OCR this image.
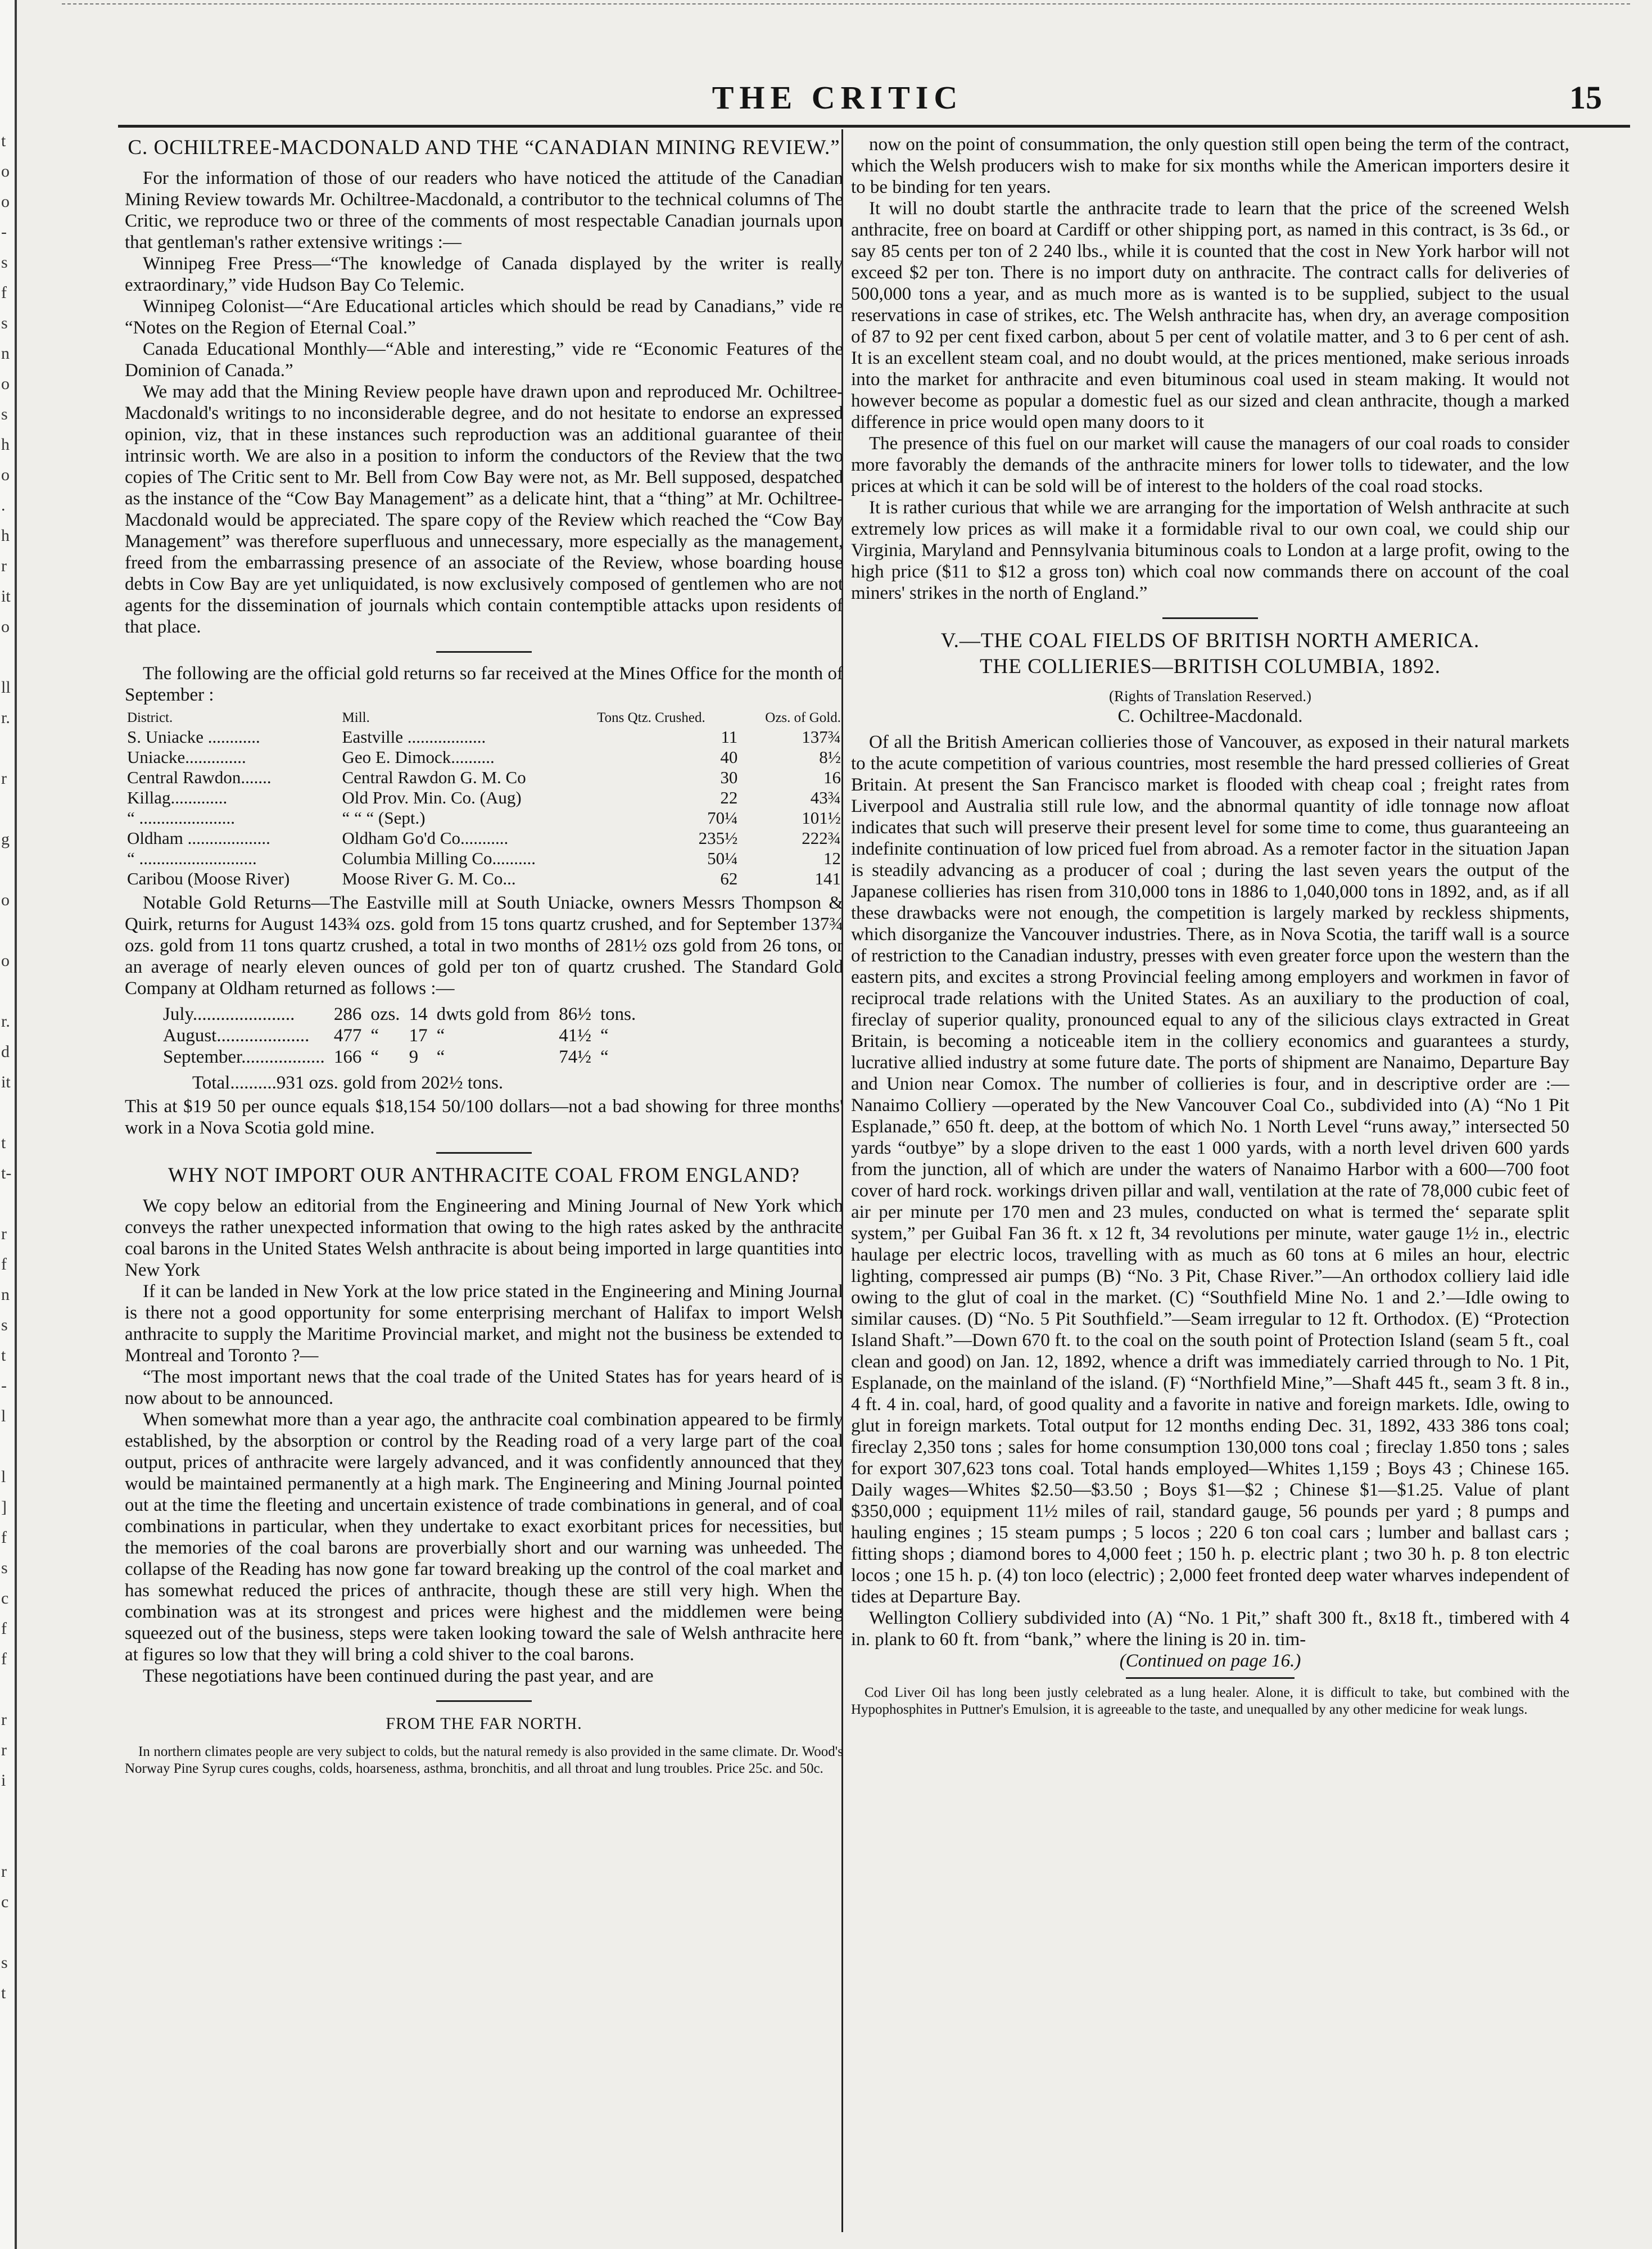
t
o
o
-
s
f
s
n
o
s
h
o
.
h
r
it
o
ll
r.
r
g
o
o
r.
d
it
t
t-
r
f
n
s
t
-
l
l
]
f
s
c
f
f
r
r
i
r
c
s
t
THE CRITIC	15

C. OCHILTREE-MACDONALD AND THE “CANADIAN MINING REVIEW.”

For the information of those of our readers who have noticed the attitude of the Canadian Mining Review towards Mr. Ochiltree-Macdonald, a contributor to the technical columns of The Critic, we reproduce two or three of the comments of most respectable Canadian journals upon that gentleman's rather extensive writings :—

Winnipeg Free Press—“The knowledge of Canada displayed by the writer is really extraordinary,” vide Hudson Bay Co Telemic.

Winnipeg Colonist—“Are Educational articles which should be read by Canadians,” vide re “Notes on the Region of Eternal Coal.”

Canada Educational Monthly—“Able and interesting,” vide re “Economic Features of the Dominion of Canada.”

We may add that the Mining Review people have drawn upon and reproduced Mr. Ochiltree-Macdonald's writings to no inconsiderable degree, and do not hesitate to endorse an expressed opinion, viz, that in these instances such reproduction was an additional guarantee of their intrinsic worth. We are also in a position to inform the conductors of the Review that the two copies of The Critic sent to Mr. Bell from Cow Bay were not, as Mr. Bell supposed, despatched as the instance of the “Cow Bay Management” as a delicate hint, that a “thing” at Mr. Ochiltree-Macdonald would be appreciated. The spare copy of the Review which reached the “Cow Bay Management” was therefore superfluous and unnecessary, more especially as the management, freed from the embarrassing presence of an associate of the Review, whose boarding house debts in Cow Bay are yet unliquidated, is now exclusively composed of gentlemen who are not agents for the dissemination of journals which contain contemptible attacks upon residents of that place.

The following are the official gold returns so far received at the Mines Office for the month of September :

District.	Mill.	Tons Qtz. Crushed.	Ozs. of Gold.
S. Uniacke ............	Eastville ..................	11	137¾
Uniacke..............	Geo E. Dimock..........	40	8½
Central Rawdon.......	Central Rawdon G. M. Co	30	16
Killag.............	Old Prov. Min. Co. (Aug)	22	43¾
“ ......................	“ “ “ (Sept.)	70¼	101½
Oldham ...................	Oldham Go'd Co...........	235½	222¾
“ ...........................	Columbia Milling Co..........	50¼	12
Caribou (Moose River)	Moose River G. M. Co...	62	141

Notable Gold Returns—The Eastville mill at South Uniacke, owners Messrs Thompson & Quirk, returns for August 143¾ ozs. gold from 15 tons quartz crushed, and for September 137¾ ozs. gold from 11 tons quartz crushed, a total in two months of 281½ ozs gold from 26 tons, or an average of nearly eleven ounces of gold per ton of quartz crushed. The Standard Gold Company at Oldham returned as follows :—

July......................	286	ozs.	14	dwts gold from	86½	tons.
August....................	477	“	17	“	41½	“
September..................	166	“	9	“	74½	“
Total..........931 ozs. gold from 202½ tons.

This at $19 50 per ounce equals $18,154 50/100 dollars—not a bad showing for three months' work in a Nova Scotia gold mine.

WHY NOT IMPORT OUR ANTHRACITE COAL FROM ENGLAND?

We copy below an editorial from the Engineering and Mining Journal of New York which conveys the rather unexpected information that owing to the high rates asked by the anthracite coal barons in the United States Welsh anthracite is about being imported in large quantities into New York

If it can be landed in New York at the low price stated in the Engineering and Mining Journal is there not a good opportunity for some enterprising merchant of Halifax to import Welsh anthracite to supply the Maritime Provincial market, and might not the business be extended to Montreal and Toronto ?—

“The most important news that the coal trade of the United States has for years heard of is now about to be announced.

When somewhat more than a year ago, the anthracite coal combination appeared to be firmly established, by the absorption or control by the Reading road of a very large part of the coal output, prices of anthracite were largely advanced, and it was confidently announced that they would be maintained permanently at a high mark. The Engineering and Mining Journal pointed out at the time the fleeting and uncertain existence of trade combinations in general, and of coal combinations in particular, when they undertake to exact exorbitant prices for necessities, but the memories of the coal barons are proverbially short and our warning was unheeded. The collapse of the Reading has now gone far toward breaking up the control of the coal market and has somewhat reduced the prices of anthracite, though these are still very high. When the combination was at its strongest and prices were highest and the middlemen were being squeezed out of the business, steps were taken looking toward the sale of Welsh anthracite here at figures so low that they will bring a cold shiver to the coal barons.

These negotiations have been continued during the past year, and are

FROM THE FAR NORTH.

In northern climates people are very subject to colds, but the natural remedy is also provided in the same climate. Dr. Wood's Norway Pine Syrup cures coughs, colds, hoarseness, asthma, bronchitis, and all throat and lung troubles. Price 25c. and 50c.

now on the point of consummation, the only question still open being the term of the contract, which the Welsh producers wish to make for six months while the American importers desire it to be binding for ten years.

It will no doubt startle the anthracite trade to learn that the price of the screened Welsh anthracite, free on board at Cardiff or other shipping port, as named in this contract, is 3s 6d., or say 85 cents per ton of 2 240 lbs., while it is counted that the cost in New York harbor will not exceed $2 per ton. There is no import duty on anthracite. The contract calls for deliveries of 500,000 tons a year, and as much more as is wanted is to be supplied, subject to the usual reservations in case of strikes, etc. The Welsh anthracite has, when dry, an average composition of 87 to 92 per cent fixed carbon, about 5 per cent of volatile matter, and 3 to 6 per cent of ash. It is an excellent steam coal, and no doubt would, at the prices mentioned, make serious inroads into the market for anthracite and even bituminous coal used in steam making. It would not however become as popular a domestic fuel as our sized and clean anthracite, though a marked difference in price would open many doors to it

The presence of this fuel on our market will cause the managers of our coal roads to consider more favorably the demands of the anthracite miners for lower tolls to tidewater, and the low prices at which it can be sold will be of interest to the holders of the coal road stocks.

It is rather curious that while we are arranging for the importation of Welsh anthracite at such extremely low prices as will make it a formidable rival to our own coal, we could ship our Virginia, Maryland and Pennsylvania bituminous coals to London at a large profit, owing to the high price ($11 to $12 a gross ton) which coal now commands there on account of the coal miners' strikes in the north of England.”

V.—THE COAL FIELDS OF BRITISH NORTH AMERICA.

THE COLLIERIES—BRITISH COLUMBIA, 1892.

(Rights of Translation Reserved.)

C. Ochiltree-Macdonald.

Of all the British American collieries those of Vancouver, as exposed in their natural markets to the acute competition of various countries, most resemble the hard pressed collieries of Great Britain. At present the San Francisco market is flooded with cheap coal ; freight rates from Liverpool and Australia still rule low, and the abnormal quantity of idle tonnage now afloat indicates that such will preserve their present level for some time to come, thus guaranteeing an indefinite continuation of low priced fuel from abroad. As a remoter factor in the situation Japan is steadily advancing as a producer of coal ; during the last seven years the output of the Japanese collieries has risen from 310,000 tons in 1886 to 1,040,000 tons in 1892, and, as if all these drawbacks were not enough, the competition is largely marked by reckless shipments, which disorganize the Vancouver industries. There, as in Nova Scotia, the tariff wall is a source of restriction to the Canadian industry, presses with even greater force upon the western than the eastern pits, and excites a strong Provincial feeling among employers and workmen in favor of reciprocal trade relations with the United States. As an auxiliary to the production of coal, fireclay of superior quality, pronounced equal to any of the silicious clays extracted in Great Britain, is becoming a noticeable item in the colliery economics and guarantees a sturdy, lucrative allied industry at some future date. The ports of shipment are Nanaimo, Departure Bay and Union near Comox. The number of collieries is four, and in descriptive order are :—Nanaimo Colliery —operated by the New Vancouver Coal Co., subdivided into (A) “No 1 Pit Esplanade,” 650 ft. deep, at the bottom of which No. 1 North Level “runs away,” intersected 50 yards “outbye” by a slope driven to the east 1 000 yards, with a north level driven 600 yards from the junction, all of which are under the waters of Nanaimo Harbor with a 600—700 foot cover of hard rock. workings driven pillar and wall, ventilation at the rate of 78,000 cubic feet of air per minute per 170 men and 23 mules, conducted on what is termed the‘ separate split system,” per Guibal Fan 36 ft. x 12 ft, 34 revolutions per minute, water gauge 1½ in., electric haulage per electric locos, travelling with as much as 60 tons at 6 miles an hour, electric lighting, compressed air pumps (B) “No. 3 Pit, Chase River.”—An orthodox colliery laid idle owing to the glut of coal in the market. (C) “Southfield Mine No. 1 and 2.’—Idle owing to similar causes. (D) “No. 5 Pit Southfield.”—Seam irregular to 12 ft. Orthodox. (E) “Protection Island Shaft.”—Down 670 ft. to the coal on the south point of Protection Island (seam 5 ft., coal clean and good) on Jan. 12, 1892, whence a drift was immediately carried through to No. 1 Pit, Esplanade, on the mainland of the island. (F) “Northfield Mine,”—Shaft 445 ft., seam 3 ft. 8 in., 4 ft. 4 in. coal, hard, of good quality and a favorite in native and foreign markets. Idle, owing to glut in foreign markets. Total output for 12 months ending Dec. 31, 1892, 433 386 tons coal; fireclay 2,350 tons ; sales for home consumption 130,000 tons coal ; fireclay 1.850 tons ; sales for export 307,623 tons coal. Total hands employed—Whites 1,159 ; Boys 43 ; Chinese 165. Daily wages—Whites $2.50—$3.50 ; Boys $1—$2 ; Chinese $1—$1.25. Value of plant $350,000 ; equipment 11½ miles of rail, standard gauge, 56 pounds per yard ; 8 pumps and hauling engines ; 15 steam pumps ; 5 locos ; 220 6 ton coal cars ; lumber and ballast cars ; fitting shops ; diamond bores to 4,000 feet ; 150 h. p. electric plant ; two 30 h. p. 8 ton electric locos ; one 15 h. p. (4) ton loco (electric) ; 2,000 feet fronted deep water wharves independent of tides at Departure Bay.

Wellington Colliery subdivided into (A) “No. 1 Pit,” shaft 300 ft., 8x18 ft., timbered with 4 in. plank to 60 ft. from “bank,” where the lining is 20 in. tim-

(Continued on page 16.)

Cod Liver Oil has long been justly celebrated as a lung healer. Alone, it is difficult to take, but combined with the Hypophosphites in Puttner's Emulsion, it is agreeable to the taste, and unequalled by any other medicine for weak lungs.
